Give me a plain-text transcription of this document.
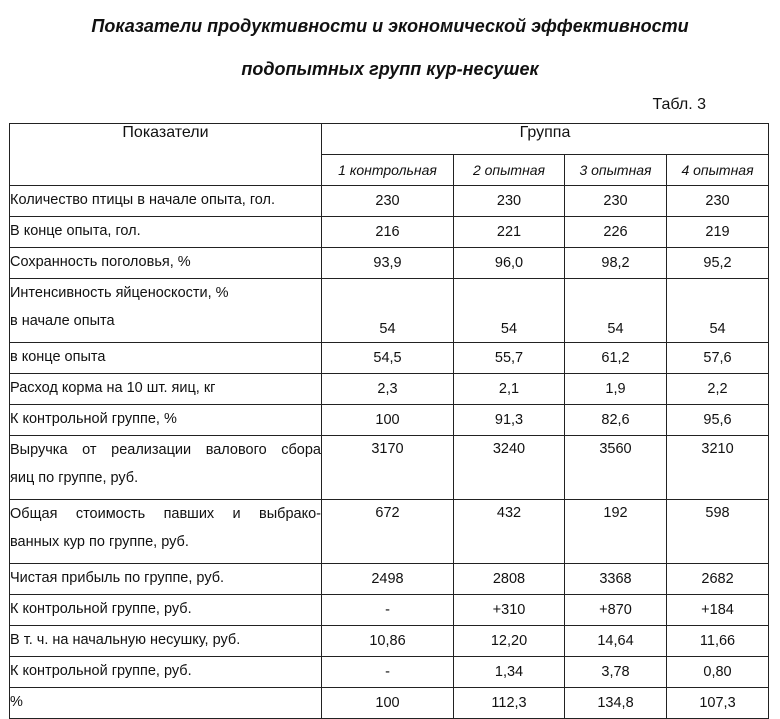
Показатели продуктивности и экономической эффективности

подопытных групп кур-несушек

Табл. 3

Показатели	Группа			
	1 контрольная	2 опытная	3 опытная	4 опытная

Количество птицы в начале опыта, гол.	230	230	230	230

В конце опыта, гол.	216	221	226	219

Сохранность поголовья, %	93,9	96,0	98,2	95,2

Интенсивность яйценоскости, %
в начале опыта	54	54	54	54

в конце опыта	54,5	55,7	61,2	57,6

Расход корма на 10 шт. яиц, кг	2,3	2,1	1,9	2,2

К контрольной группе, %	100	91,3	82,6	95,6

Выручка от реализации валового сбора
яиц по группе, руб.	3170	3240	3560	3210

Общая стоимость павших и выбрако-
ванных кур по группе, руб.	672	432	192	598

Чистая прибыль по группе, руб.	2498	2808	3368	2682

К контрольной группе, руб.	-	+310	+870	+184

В т. ч. на начальную несушку, руб.	10,86	12,20	14,64	11,66

К контрольной группе, руб.	-	1,34	3,78	0,80

%	100	112,3	134,8	107,3
